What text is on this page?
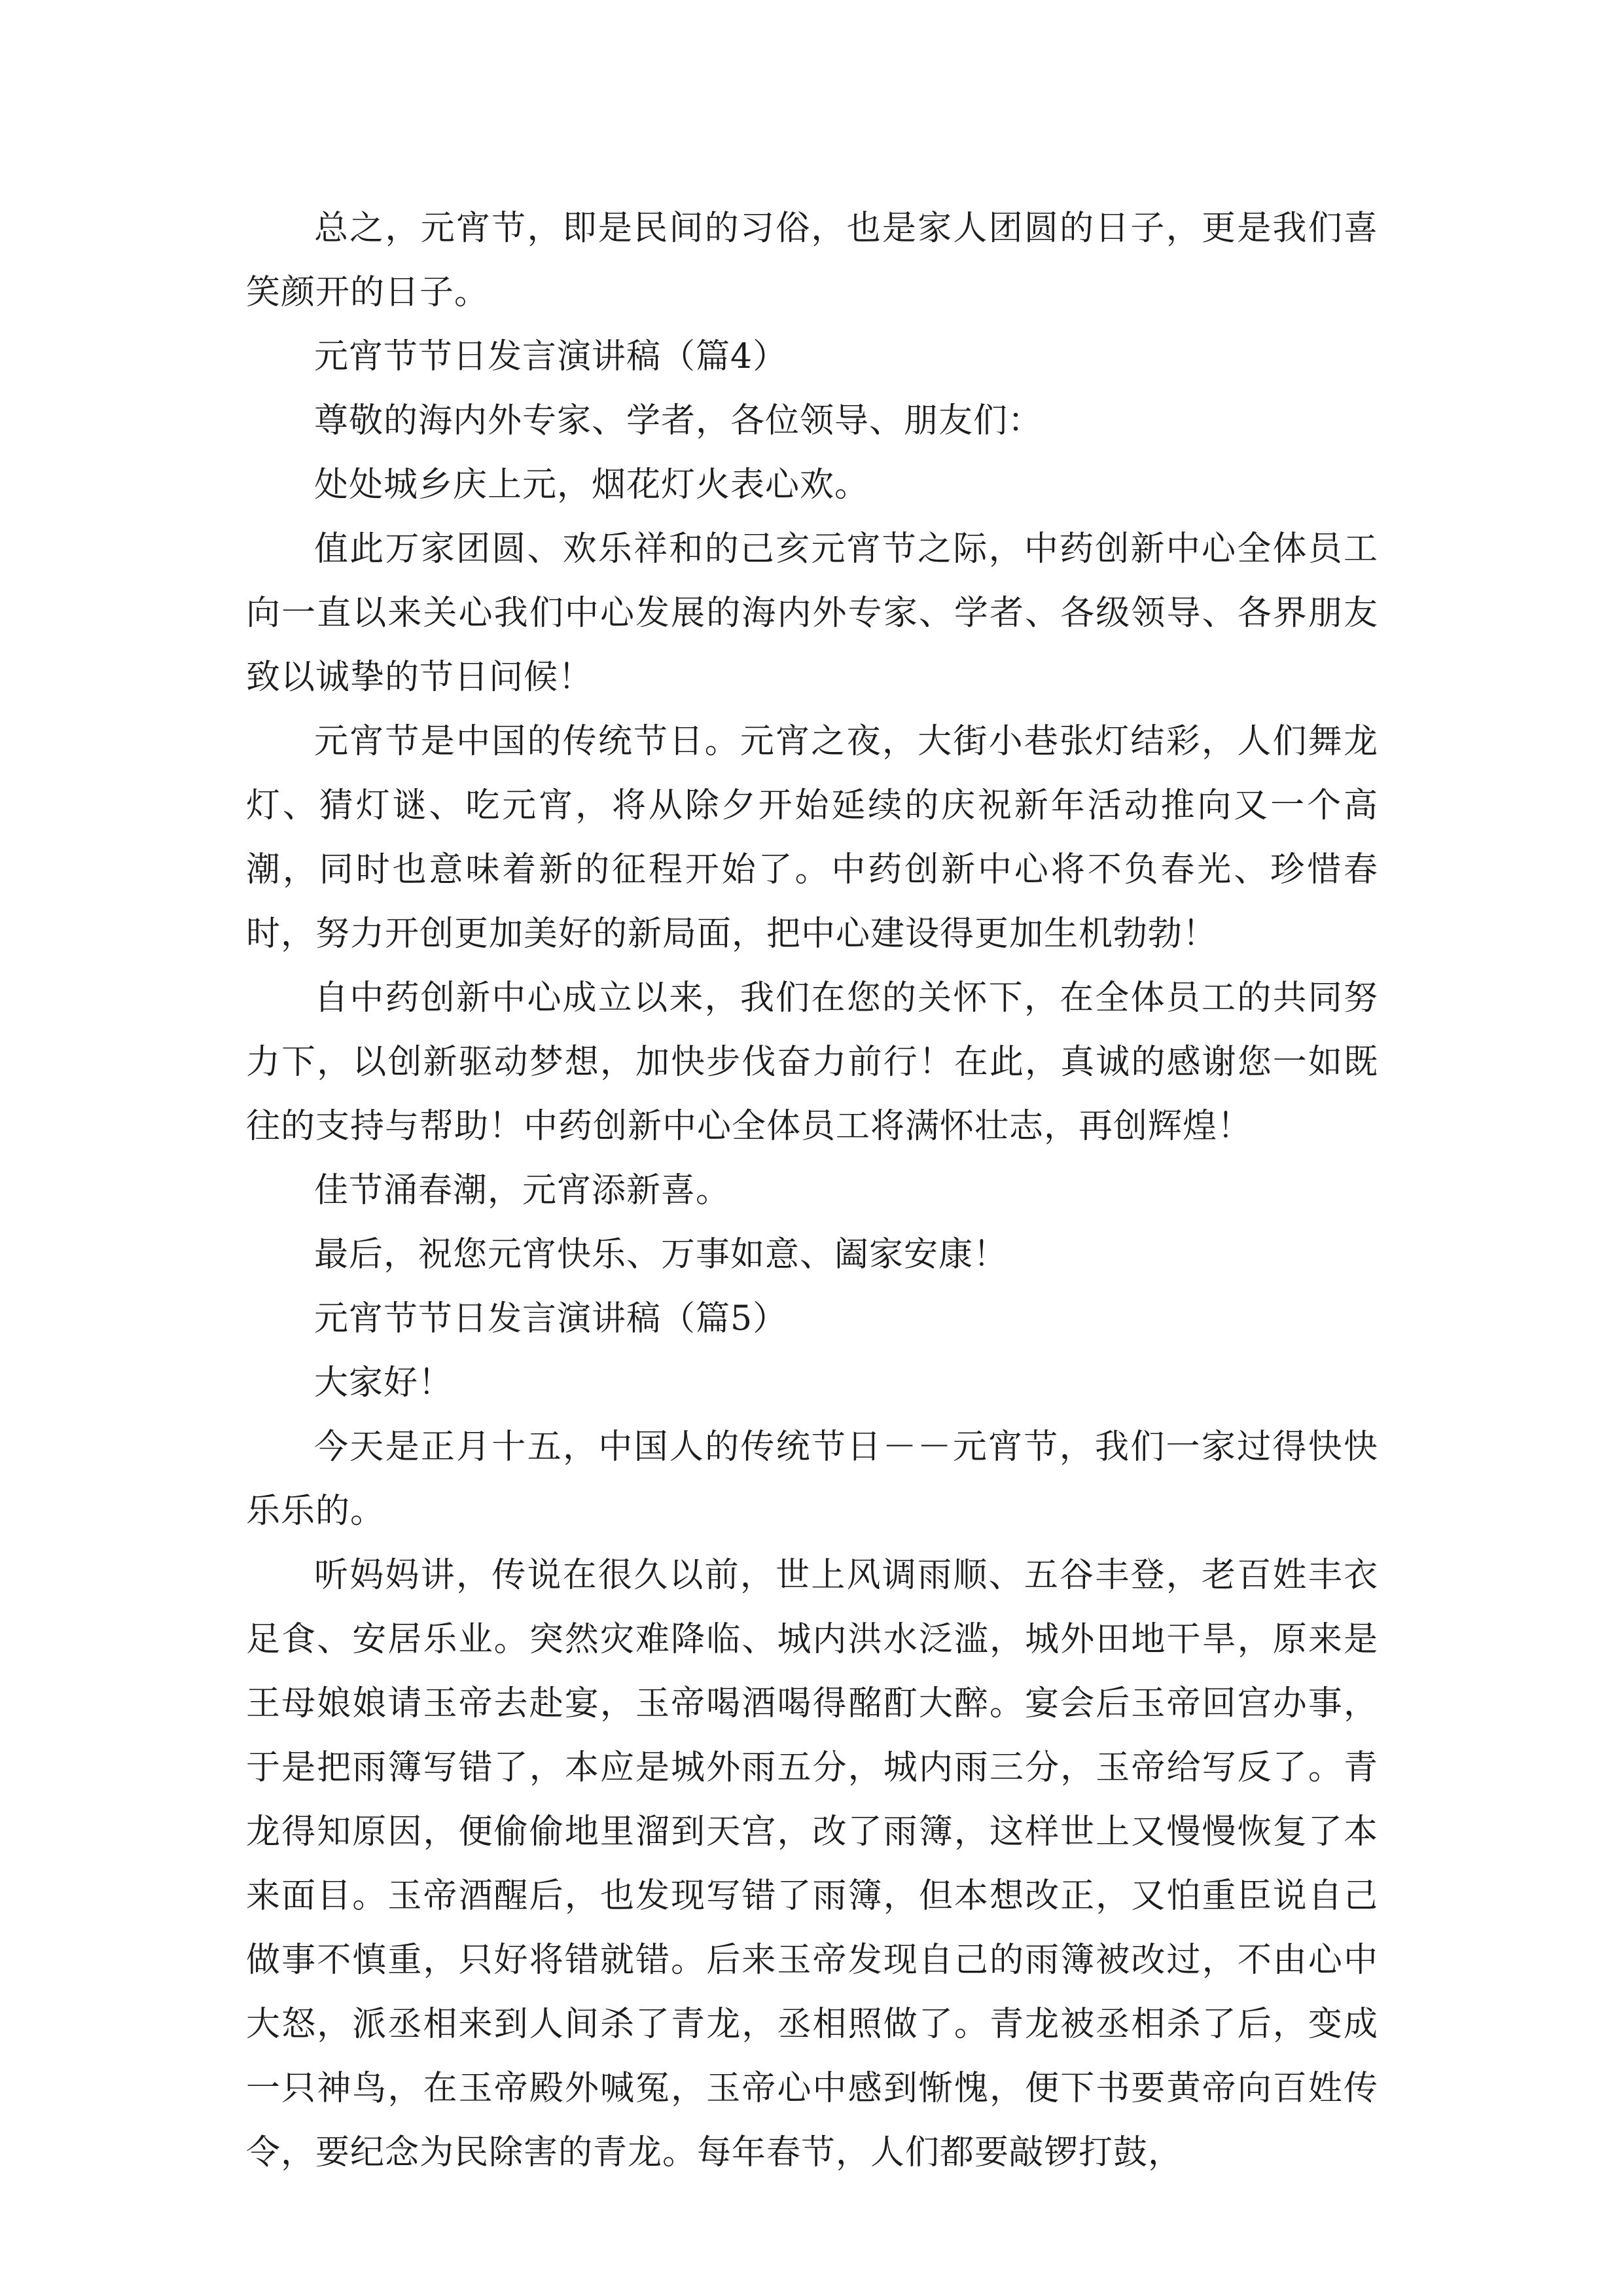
总之，元宵节，即是民间的习俗，也是家人团圆的日子，更是我们喜笑颜开的日子。

元宵节节日发言演讲稿（篇4）

尊敬的海内外专家、学者，各位领导、朋友们：

处处城乡庆上元，烟花灯火表心欢。

值此万家团圆、欢乐祥和的己亥元宵节之际，中药创新中心全体员工向一直以来关心我们中心发展的海内外专家、学者、各级领导、各界朋友致以诚挚的节日问候！

元宵节是中国的传统节日。元宵之夜，大街小巷张灯结彩，人们舞龙灯、猜灯谜、吃元宵，将从除夕开始延续的庆祝新年活动推向又一个高潮，同时也意味着新的征程开始了。中药创新中心将不负春光、珍惜春时，努力开创更加美好的新局面，把中心建设得更加生机勃勃！

自中药创新中心成立以来，我们在您的关怀下，在全体员工的共同努力下，以创新驱动梦想，加快步伐奋力前行！在此，真诚的感谢您一如既往的支持与帮助！中药创新中心全体员工将满怀壮志，再创辉煌！

佳节涌春潮，元宵添新喜。

最后，祝您元宵快乐、万事如意、阖家安康！

元宵节节日发言演讲稿（篇5）

大家好！

今天是正月十五，中国人的传统节日－－元宵节，我们一家过得快快乐乐的。

听妈妈讲，传说在很久以前，世上风调雨顺、五谷丰登，老百姓丰衣足食、安居乐业。突然灾难降临、城内洪水泛滥，城外田地干旱，原来是王母娘娘请玉帝去赴宴，玉帝喝酒喝得酩酊大醉。宴会后玉帝回宫办事，于是把雨簿写错了，本应是城外雨五分，城内雨三分，玉帝给写反了。青龙得知原因，便偷偷地里溜到天宫，改了雨簿，这样世上又慢慢恢复了本来面目。玉帝酒醒后，也发现写错了雨簿，但本想改正，又怕重臣说自己做事不慎重，只好将错就错。后来玉帝发现自己的雨簿被改过，不由心中大怒，派丞相来到人间杀了青龙，丞相照做了。青龙被丞相杀了后，变成一只神鸟，在玉帝殿外喊冤，玉帝心中感到惭愧，便下书要黄帝向百姓传令，要纪念为民除害的青龙。每年春节，人们都要敲锣打鼓，
